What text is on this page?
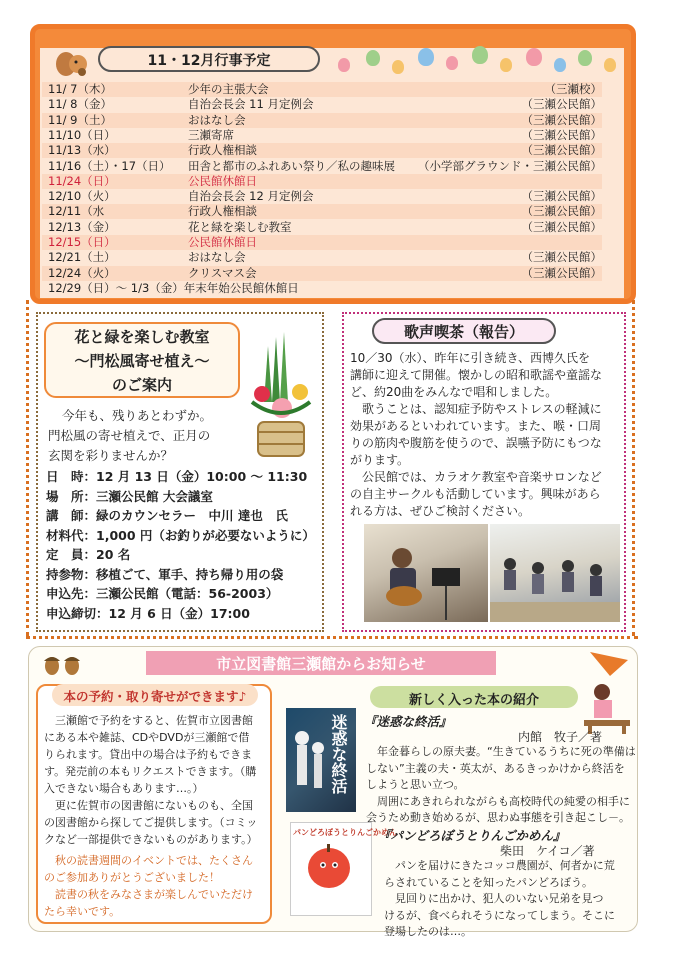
11・12月行事予定
11/ 7（木）	少年の主張大会	（三瀬校）
11/ 8（金）	自治会長会 11 月定例会	（三瀬公民館）
11/ 9（土）	おはなし会	（三瀬公民館）
11/10（日）	三瀬寄席	（三瀬公民館）
11/13（水）	行政人権相談	（三瀬公民館）
11/16（土）・17（日） 田舎と都市のふれあい祭り／私の趣味展 （小学部グラウンド・三瀬公民館）
11/24（日）	公民館休館日
12/10（火）	自治会長会 12 月定例会	（三瀬公民館）
12/11（水	行政人権相談	（三瀬公民館）
12/13（金）	花と緑を楽しむ教室	（三瀬公民館）
12/15（日）	公民館休館日
12/21（土）	おはなし会	（三瀬公民館）
12/24（火）	クリスマス会	（三瀬公民館）
12/29（日）～ 1/3（金）年末年始公民館休館日
花と緑を楽しむ教室
～門松風寄せ植え～
のご案内
今年も、残りあとわずか。
門松風の寄せ植えで、正月の
玄関を彩りませんか？
歌声喫茶（報告）
市立図書館三瀬館からお知らせ
本の予約・取り寄せができます♪	新しく入った本の紹介
迷惑な終活 『迷惑な終活』
内館　牧子／著
パンどろぼうとりんごかめん
『パンどろぼうとりんごかめん』
柴田　ケイコ／著
日　時：12 月 13 日（金）10:00 ～ 11:30
場　所：三瀬公民館 大会議室
講　師：緑のカウンセラー　中川 達也　氏
材料代：1,000 円（お釣りが必要ないように）
定　員：20 名
持参物：移植ごて、軍手、持ち帰り用の袋
申込先：三瀬公民館（電話：56-2003）
申込締切：12 月 6 日（金）17:00
10／30（水）、昨年に引き続き、西博久氏を
講師に迎えて開催。懐かしの昭和歌謡や童謡な
ど、約20曲をみんなで唱和しました。
　歌うことは、認知症予防やストレスの軽減に
効果があるといわれています。また、喉・口周
りの筋肉や腹筋を使うので、誤嚥予防にもつな
がります。
　公民館では、カラオケ教室や音楽サロンなど
の自主サークルも活動しています。興味があら
れる方は、ぜひご検討ください。
　三瀬館で予約をすると、佐賀市立図書館
にある本や雑誌、CDやDVDが三瀬館で借
りられます。貸出中の場合は予約もできま
す。発売前の本もリクエストできます。（購
入できない場合もあります…。）
　更に佐賀市の図書館にないものも、全国
の図書館から探してご提供します。（コミッ
クなど一部提供できないものがあります。）
　秋の読書週間のイベントでは、たくさん
のご参加ありがとうございました！
　読書の秋をみなさまが楽しんでいただけ
たら幸いです。
　年金暮らしの原夫妻。“生きているうちに死の準備は
しない”主義の夫・英太が、あるきっかけから終活を
しようと思い立つ。
　周囲にあきれられながらも高校時代の純愛の相手に
会うため動き始めるが、思わぬ事態を引き起こし－。
　パンを届けにきたコッコ農園が、何者かに荒
らされていることを知ったパンどろぼう。
　見回りに出かけ、犯人のいない兄弟を見つ
けるが、食べられそうになってしまう。そこに
登場したのは…。
